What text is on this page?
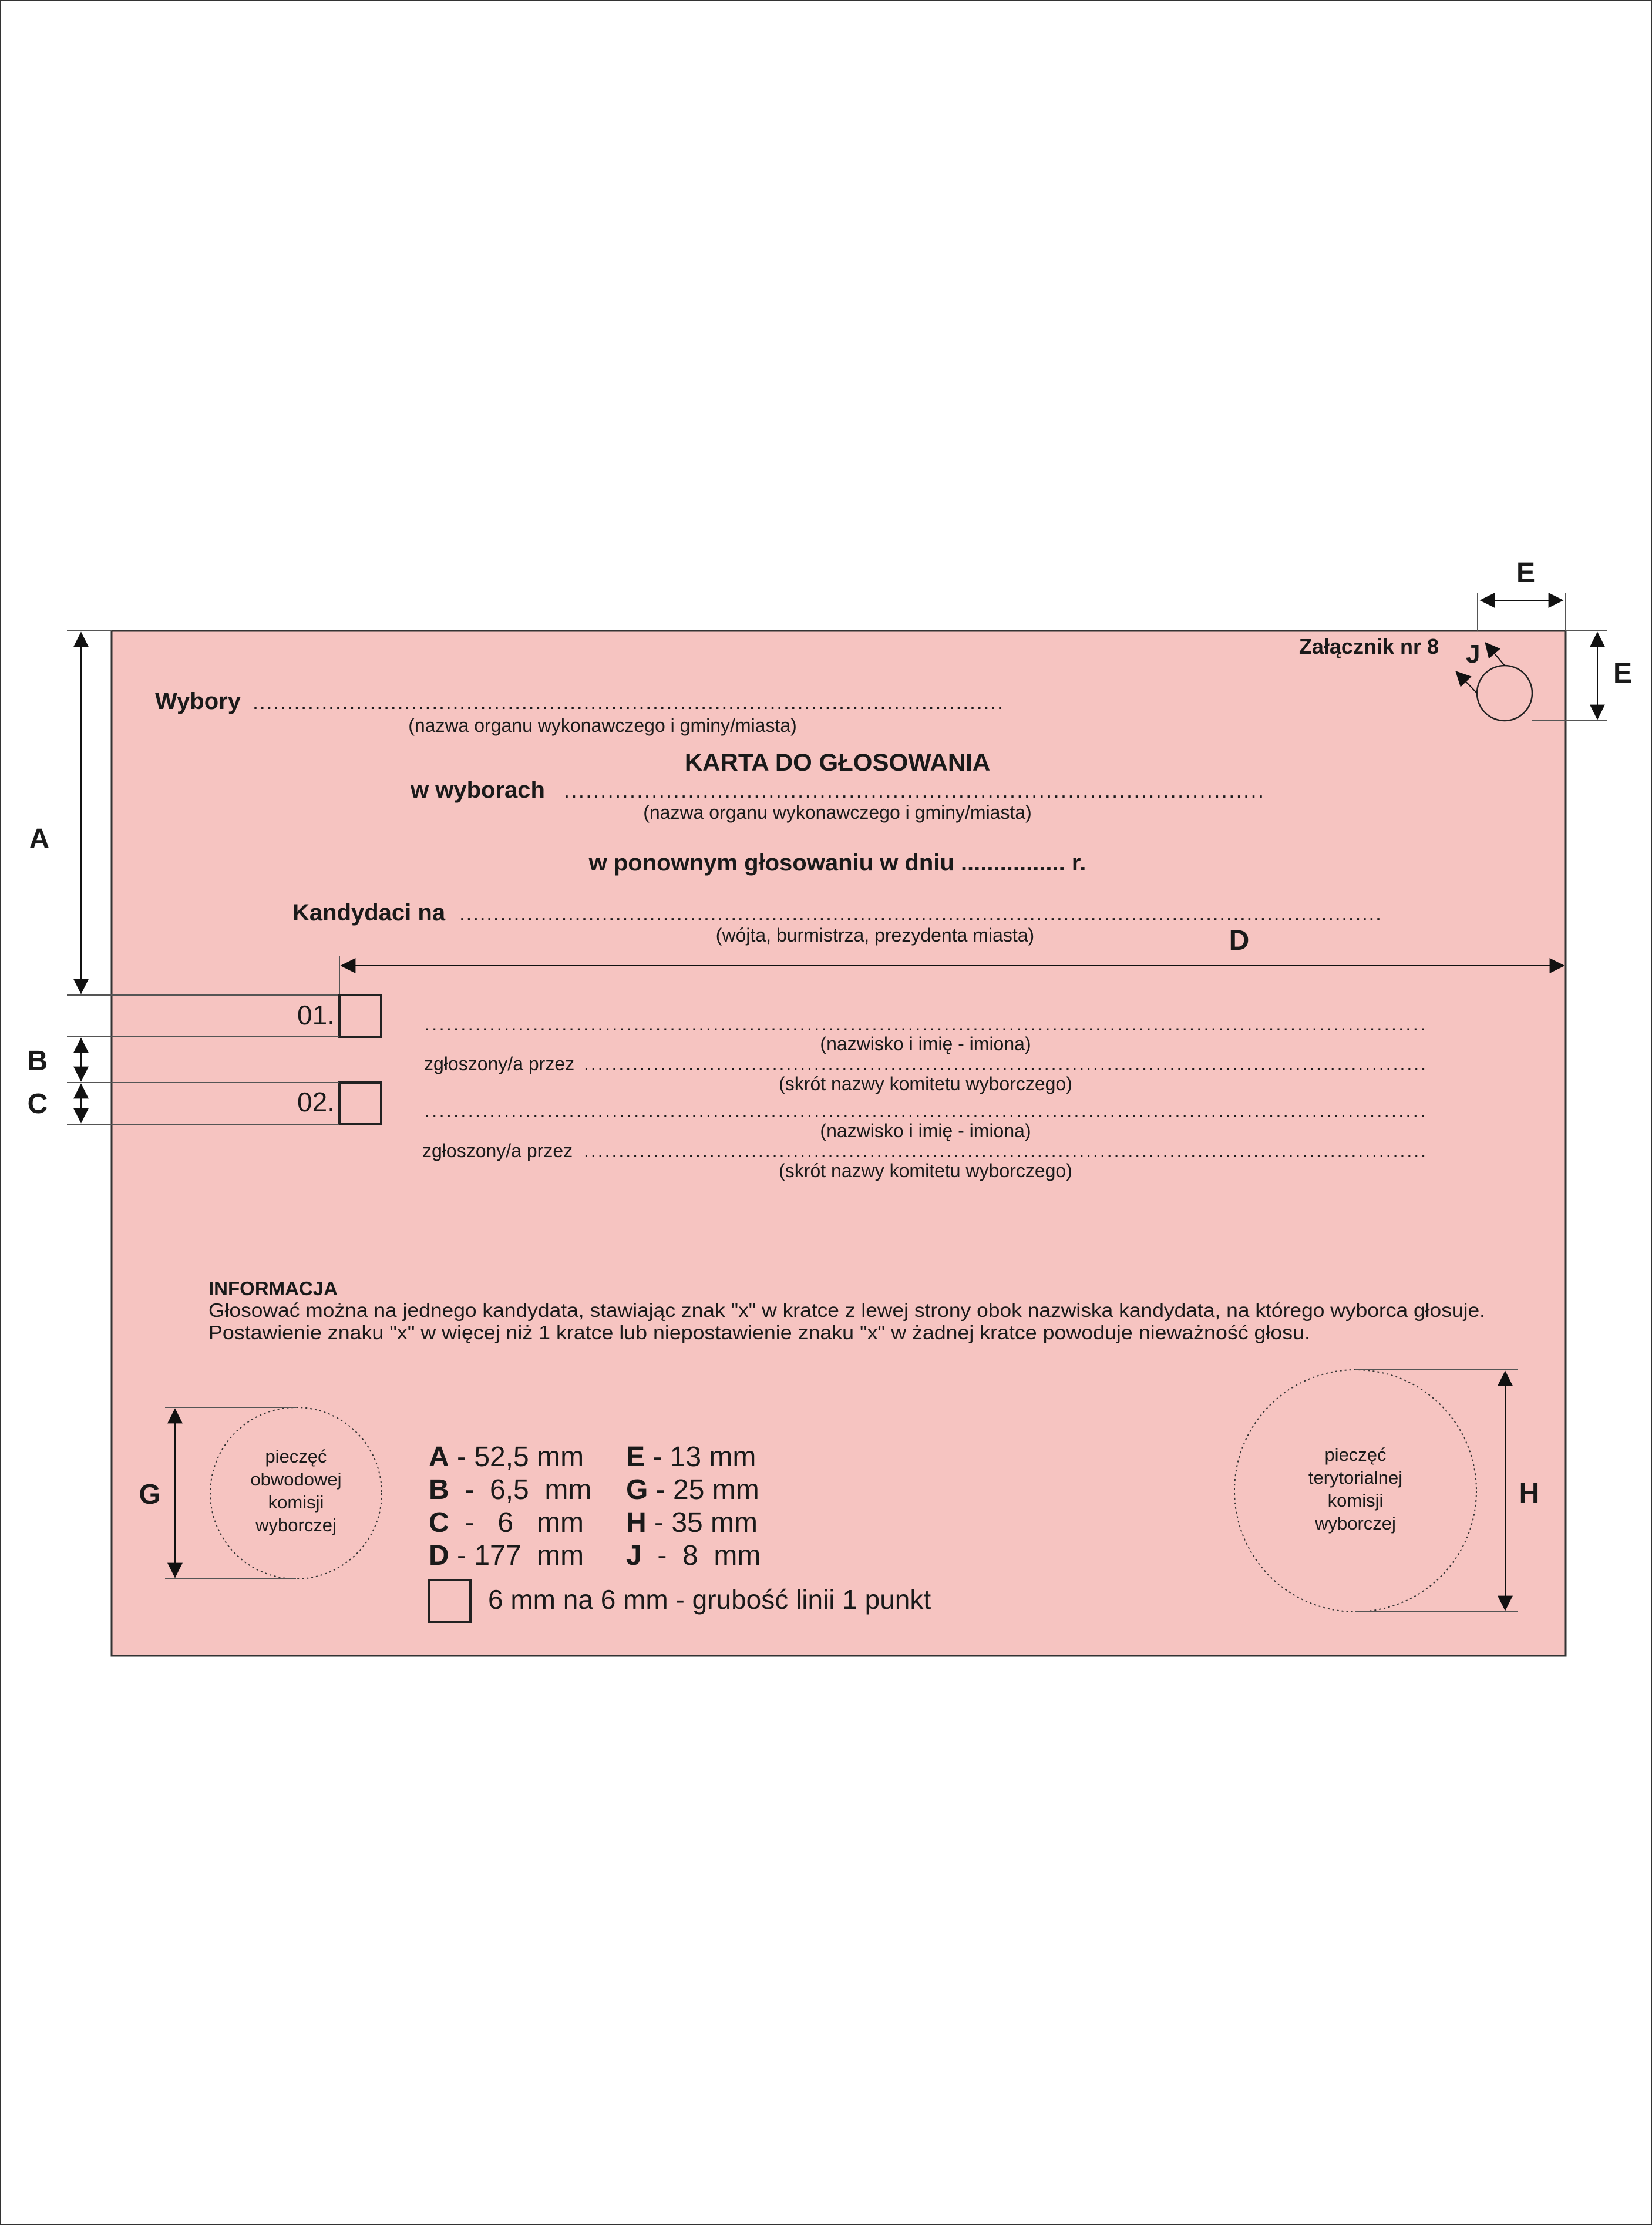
Załącznik nr 8 J
E
E
Wybory .............................................................................................................
(nazwa organu wykonawczego i gminy/miasta)
KARTA DO GŁOSOWANIA
w wyborach ................................................................................................
(nazwa organu wykonawczego i gminy/miasta)
w ponownym głosowaniu w dniu ................ r.
Kandydaci na ........................................................................................................................................
(wójta, burmistrza, prezydenta miasta)
A
D
01.	...........................................................................................................................................
(nazwisko i imię - imiona)
zgłoszony/a przez .........................................................................................................................
(skrót nazwy komitetu wyborczego)
02.	...........................................................................................................................................
(nazwisko i imię - imiona)
zgłoszony/a przez .........................................................................................................................
(skrót nazwy komitetu wyborczego)
B
C
INFORMACJA
Głosować można na jednego kandydata, stawiając znak "x" w kratce z lewej strony obok nazwiska kandydata, na którego wyborca głosuje.
Postawienie znaku "x" w więcej niż 1 kratce lub niepostawienie znaku "x" w żadnej kratce powoduje nieważność głosu.
pieczęć
obwodowej
komisji
wyborczej
G
pieczęć
terytorialnej
komisji
wyborczej
H
A - 52,5 mm
B  -  6,5  mm
C  -   6   mm
D - 177  mm
E - 13 mm
G - 25 mm
H - 35 mm
J  -  8  mm
6 mm na 6 mm - grubość linii 1 punkt
